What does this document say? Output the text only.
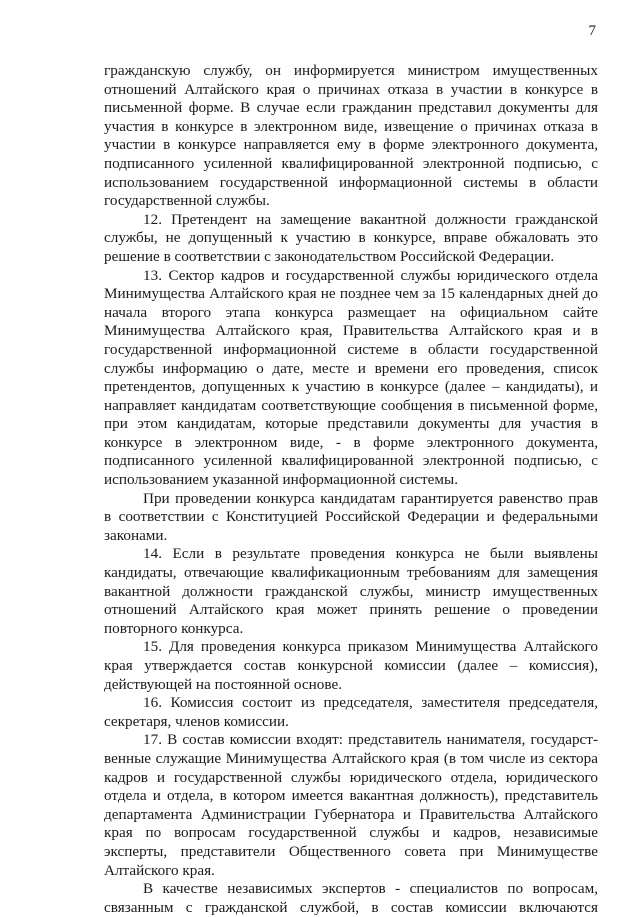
7

гражданскую службу, он информируется министром имущественных отношений Алтайского края о причинах отказа в участии в конкурсе в письменной форме. В случае если гражданин представил документы для участия в конкурсе в электронном виде, извещение о причинах отказа в участии в конкурсе направляется ему в форме электронного документа, подписанного усиленной квалифицированной электронной подписью, с использованием государственной информационной системы в области государственной службы.

12. Претендент на замещение вакантной должности гражданской службы, не допущенный к участию в конкурсе, вправе обжаловать это решение в соответствии с законодательством Российской Федерации.

13. Сектор кадров и государственной службы юридического отдела Минимущества Алтайского края не позднее чем за 15 календарных дней до начала второго этапа конкурса размещает на официальном сайте Минимущества Алтайского края, Правительства Алтайского края и в государственной информационной системе в области государственной службы информацию о дате, месте и времени его проведения, список претендентов, допущенных к участию в конкурсе (далее – кандидаты), и направляет кандидатам соответствующие сообщения в письменной форме, при этом кандидатам, которые представили документы для участия в конкурсе в электронном виде, - в форме электронного документа, подписанного усиленной квалифицированной электронной подписью, с использованием указанной информационной системы.

При проведении конкурса кандидатам гарантируется равенство прав в соответствии с Конституцией Российской Федерации и федеральными законами.

14. Если в результате проведения конкурса не были выявлены кандидаты, отвечающие квалификационным требованиям для замещения вакантной должности гражданской службы, министр имущественных отношений Алтайского края может принять решение о проведении повторного конкурса.

15. Для проведения конкурса приказом Минимущества Алтайского края утверждается состав конкурсной комиссии (далее – комиссия), действующей на постоянной основе.

16. Комиссия состоит из председателя, заместителя председателя, секретаря, членов комиссии.

17. В состав комиссии входят: представитель нанимателя, государст-венные служащие Минимущества Алтайского края (в том числе из сектора кадров и государственной службы юридического отдела, юридического отдела и отдела, в котором имеется вакантная должность), представитель департамента Администрации Губернатора и Правительства Алтайского края по вопросам государственной службы и кадров, независимые эксперты, представители Общественного совета при Минимуществе Алтайского края.

В качестве независимых экспертов - специалистов по вопросам, связанным с гражданской службой, в состав комиссии включаются
